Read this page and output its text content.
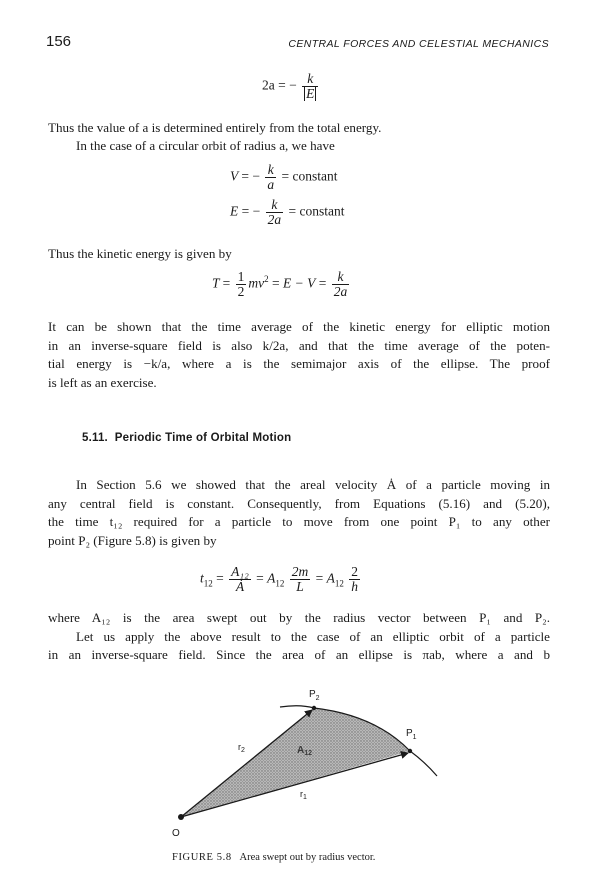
156	CENTRAL FORCES AND CELESTIAL MECHANICS
2a = − $\frac{k}{E}$
Thus the value of a is determined entirely from the total energy.
In the case of a circular orbit of radius a, we have
V = − $\frac{k}{a}$ = constant
E = − $\frac{k}{2a}$ = constant
Thus the kinetic energy is given by
$T = \frac{1}{2} mv^2 = E - V = \frac{k}{2a}$
It can be shown that the time average of the kinetic energy for elliptic motion
in an inverse-square field is also k/2a, and that the time average of the poten-
tial energy is −k/a, where a is the semimajor axis of the ellipse. The proof
is left as an exercise.
5.11. Periodic Time of Orbital Motion
In Section 5.6 we showed that the areal velocity Ȧ of a particle moving in
any central field is constant. Consequently, from Equations (5.16) and (5.20),
the time t₁₂ required for a particle to move from one point P₁ to any other
point P₂ (Figure 5.8) is given by
$t_{12} = \frac{\text{A₁₂}}{Ȧ} = A_{12} \frac{2m}{L} = A_{12} \frac{2}{h}$
where A₁₂ is the area swept out by the radius vector between P₁ and P₂.
Let us apply the above result to the case of an elliptic orbit of a particle
in an inverse-square field. Since the area of an ellipse is πab, where a and b
$P_2$
$P_1$
$r_2$
$r_1$
$A_{12}$
O
FIGURE 5.8 Area swept out by radius vector.
